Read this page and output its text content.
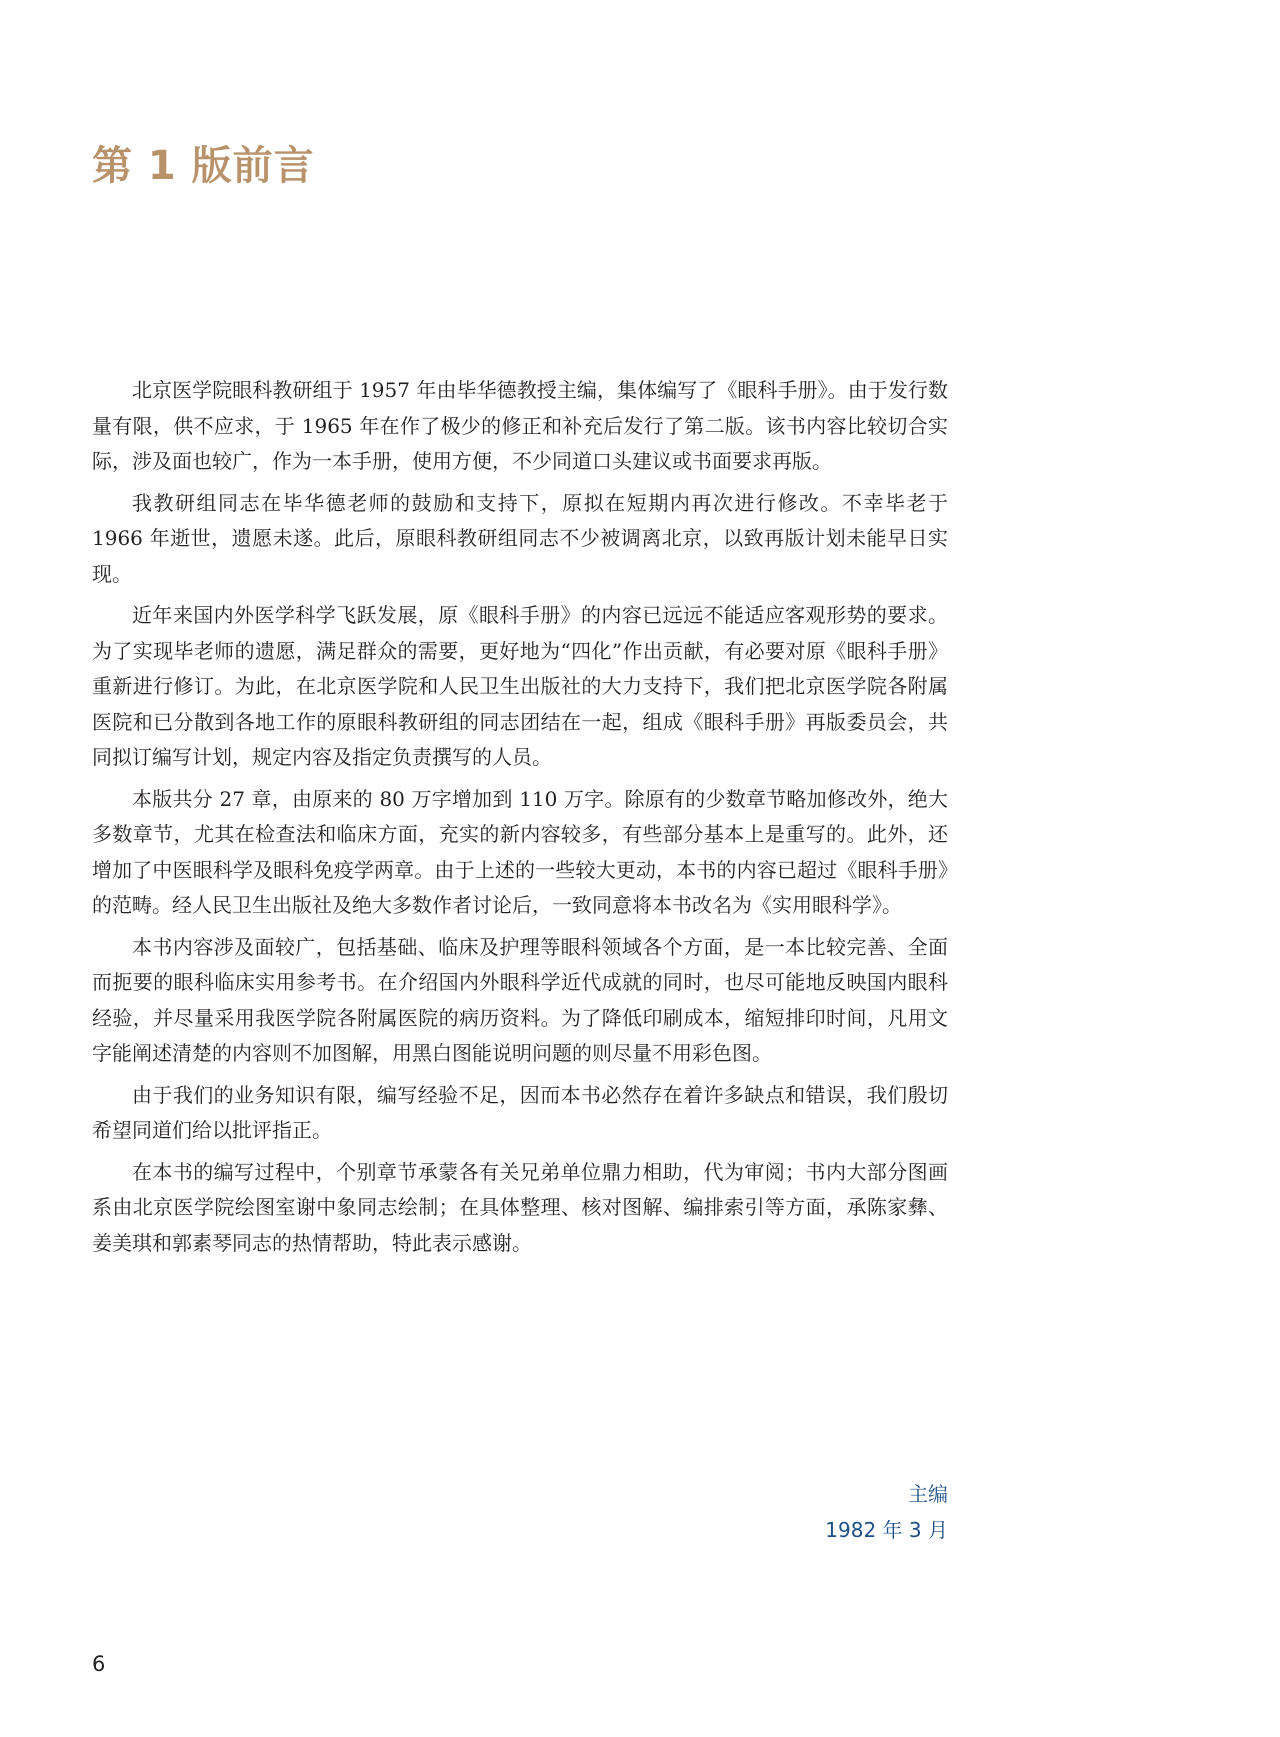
第 1 版前言

北京医学院眼科教研组于 1957 年由毕华德教授主编，集体编写了《眼科手册》。由于发行数量有限，供不应求，于 1965 年在作了极少的修正和补充后发行了第二版。该书内容比较切合实际，涉及面也较广，作为一本手册，使用方便，不少同道口头建议或书面要求再版。

我教研组同志在毕华德老师的鼓励和支持下，原拟在短期内再次进行修改。不幸毕老于 1966 年逝世，遗愿未遂。此后，原眼科教研组同志不少被调离北京，以致再版计划未能早日实现。

近年来国内外医学科学飞跃发展，原《眼科手册》的内容已远远不能适应客观形势的要求。为了实现毕老师的遗愿，满足群众的需要，更好地为“四化”作出贡献，有必要对原《眼科手册》重新进行修订。为此，在北京医学院和人民卫生出版社的大力支持下，我们把北京医学院各附属医院和已分散到各地工作的原眼科教研组的同志团结在一起，组成《眼科手册》再版委员会，共同拟订编写计划，规定内容及指定负责撰写的人员。

本版共分 27 章，由原来的 80 万字增加到 110 万字。除原有的少数章节略加修改外，绝大多数章节，尤其在检查法和临床方面，充实的新内容较多，有些部分基本上是重写的。此外，还增加了中医眼科学及眼科免疫学两章。由于上述的一些较大更动，本书的内容已超过《眼科手册》的范畴。经人民卫生出版社及绝大多数作者讨论后，一致同意将本书改名为《实用眼科学》。

本书内容涉及面较广，包括基础、临床及护理等眼科领域各个方面，是一本比较完善、全面而扼要的眼科临床实用参考书。在介绍国内外眼科学近代成就的同时，也尽可能地反映国内眼科经验，并尽量采用我医学院各附属医院的病历资料。为了降低印刷成本，缩短排印时间，凡用文字能阐述清楚的内容则不加图解，用黑白图能说明问题的则尽量不用彩色图。

由于我们的业务知识有限，编写经验不足，因而本书必然存在着许多缺点和错误，我们殷切希望同道们给以批评指正。

在本书的编写过程中，个别章节承蒙各有关兄弟单位鼎力相助，代为审阅；书内大部分图画系由北京医学院绘图室谢中象同志绘制；在具体整理、核对图解、编排索引等方面，承陈家彝、姜美琪和郭素琴同志的热情帮助，特此表示感谢。

主编
1982 年 3 月
6
